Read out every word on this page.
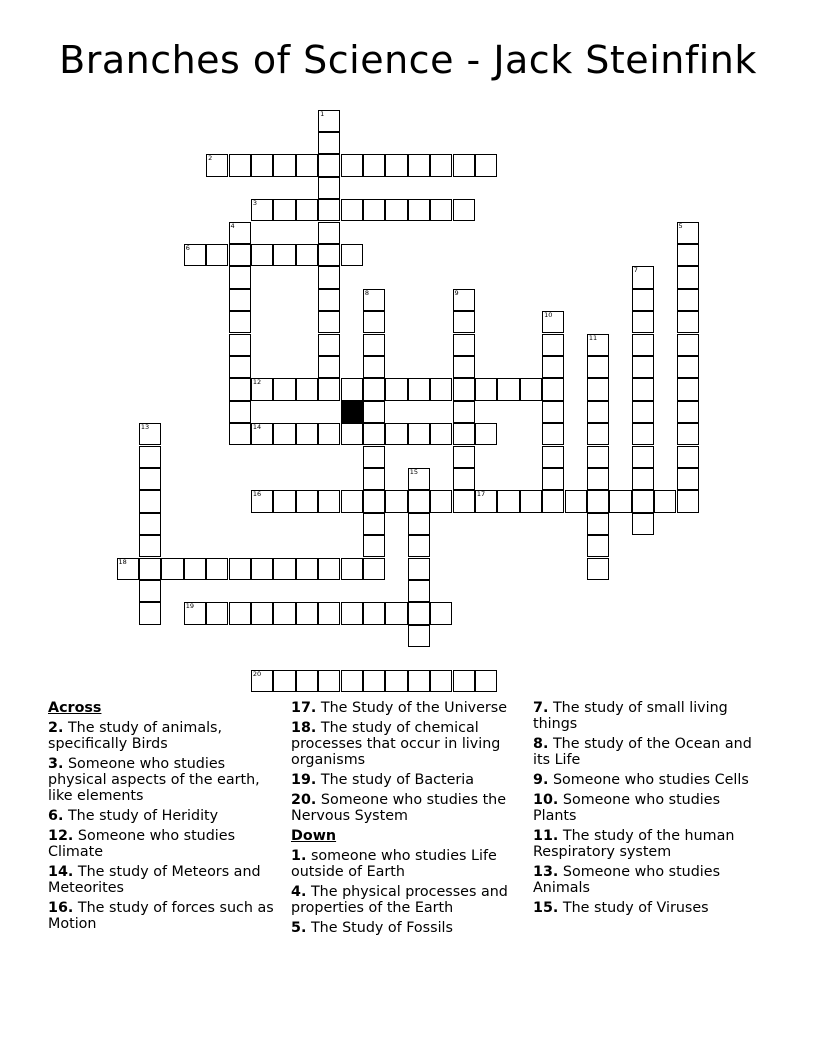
Branches of Science - Jack Steinfink
2
3
6
12
14
16	17
18
19
20
1
4	5
7
8	9
10
11
13
15
Across
2. The study of animals, specifically Birds
3. Someone who studies physical aspects of the earth, like elements
6. The study of Heridity
12. Someone who studies Climate
14. The study of Meteors and Meteorites
16. The study of forces such as Motion
17. The Study of the Universe
18. The study of chemical processes that occur in living organisms
19. The study of Bacteria
20. Someone who studies the Nervous System
Down
1. someone who studies Life outside of Earth
4. The physical processes and properties of the Earth
5. The Study of Fossils
7. The study of small living things
8. The study of the Ocean and its Life
9. Someone who studies Cells
10. Someone who studies Plants
11. The study of the human Respiratory system
13. Someone who studies Animals
15. The study of Viruses
